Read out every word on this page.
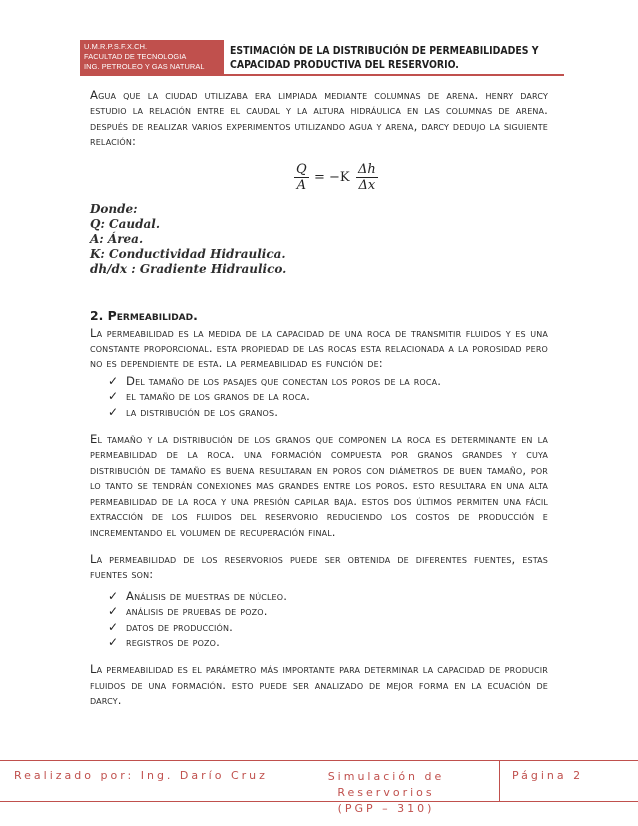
U.M.R.P.S.F.X.CH.
FACULTAD DE TECNOLOGIA
ING. PETROLEO Y GAS NATURAL
ESTIMACIÓN DE LA DISTRIBUCIÓN DE PERMEABILIDADES Y
CAPACIDAD PRODUCTIVA DEL RESERVORIO.

Agua que la ciudad utilizaba era limpiada mediante columnas de arena. henry darcy estudio la relación entre el caudal y la altura hidráulica en las columnas de arena. después de realizar varios experimentos utilizando agua y arena, darcy dedujo la siguiente relación:

$\frac{Q}{A} = -K \frac{\Delta h}{\Delta x}$
Donde:
Q: Caudal.
A: Área.
K: Conductividad Hidraulica.
dh/dx : Gradiente Hidraulico.
2. Permeabilidad.

La permeabilidad es la medida de la capacidad de una roca de transmitir fluidos y es una constante proporcional. esta propiedad de las rocas esta relacionada a la porosidad pero no es dependiente de esta. la permeabilidad es función de:

✓ del tamaño de los pasajes que conectan los poros de la roca.
✓ el tamaño de los granos de la roca.
✓ la distribución de los granos.

El tamaño y la distribución de los granos que componen la roca es determinante en la permeabilidad de la roca. una formación compuesta por granos grandes y cuya distribución de tamaño es buena resultaran en poros con diámetros de buen tamaño, por lo tanto se tendrán conexiones mas grandes entre los poros. esto resultara en una alta permeabilidad de la roca y una presión capilar baja. estos dos últimos permiten una fácil extracción de los fluidos del reservorio reduciendo los costos de producción e incrementando el volumen de recuperación final.

La permeabilidad de los reservorios puede ser obtenida de diferentes fuentes, estas fuentes son:

✓ análisis de muestras de núcleo.
✓ análisis de pruebas de pozo.
✓ datos de producción.
✓ registros de pozo.

La permeabilidad es el parámetro más importante para determinar la capacidad de producir fluidos de una formación. esto puede ser analizado de mejor forma en la ecuación de darcy.

Realizado por: Ing. Darío Cruz	Simulación de Reservorios
(PGP – 310)
Página 2
